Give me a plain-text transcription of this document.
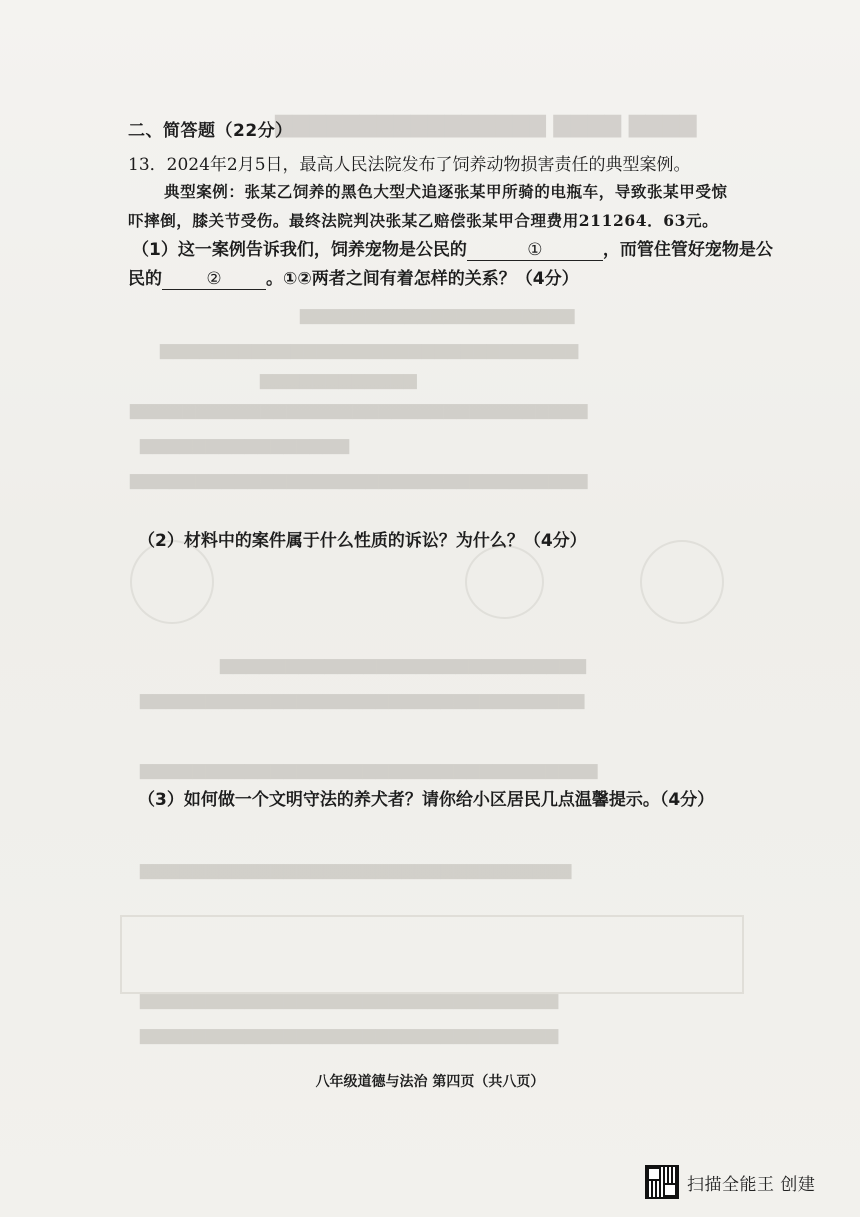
▇▇▇▇ ▇▇▇▇ ▇▇▇▇▇▇▇▇▇▇▇▇▇▇▇▇
▆▆▆▆▆▆▆▆▆▆▆▆▆▆▆▆▆▆▆▆▆
▆▆▆▆▆▆▆▆▆▆▆▆▆▆▆▆▆▆▆▆▆▆▆▆▆▆▆▆▆▆▆▆
▆▆▆▆▆▆▆▆▆▆▆▆
▆▆▆▆▆▆▆▆▆▆▆▆▆▆▆▆▆▆▆▆▆▆▆▆▆▆▆▆▆▆▆▆▆▆▆
▆▆▆▆▆▆▆▆▆▆▆▆▆▆▆▆
▆▆▆▆▆▆▆▆▆▆▆▆▆▆▆▆▆▆▆▆▆▆▆▆▆▆▆▆▆▆▆▆▆▆▆
▆▆▆▆▆▆▆▆▆▆▆▆▆▆▆▆▆▆▆▆▆▆▆▆▆▆▆▆
▆▆▆▆▆▆▆▆▆▆▆▆▆▆▆▆▆▆▆▆▆▆▆▆▆▆▆▆▆▆▆▆▆▆
▆▆▆▆▆▆▆▆▆▆▆▆▆▆▆▆▆▆▆▆▆▆▆▆▆▆▆▆▆▆▆▆▆▆▆
▆▆▆▆▆▆▆▆▆▆▆▆▆▆▆▆▆▆▆▆▆▆▆▆▆▆▆▆▆▆▆▆▆
▆▆▆▆▆▆▆▆▆▆▆▆▆▆▆▆▆▆▆▆▆▆▆▆▆▆▆▆▆▆▆▆
▆▆▆▆▆▆▆▆▆▆▆▆▆▆▆▆▆▆▆▆▆▆▆▆▆▆▆▆▆▆▆▆
二、简答题（22分）
13．2024年2月5日，最高人民法院发布了饲养动物损害责任的典型案例。
典型案例：张某乙饲养的黑色大型犬追逐张某甲所骑的电瓶车，导致张某甲受惊
吓摔倒，膝关节受伤。最终法院判决张某乙赔偿张某甲合理费用211264．63元。
（1）这一案例告诉我们，饲养宠物是公民的	①	，而管住管好宠物是公
民的	②	。①②两者之间有着怎样的关系？（4分）
（2）材料中的案件属于什么性质的诉讼？为什么？（4分）
（3）如何做一个文明守法的养犬者？请你给小区居民几点温馨提示。（4分）
八年级道德与法治 第四页（共八页）
扫描全能王 创建
